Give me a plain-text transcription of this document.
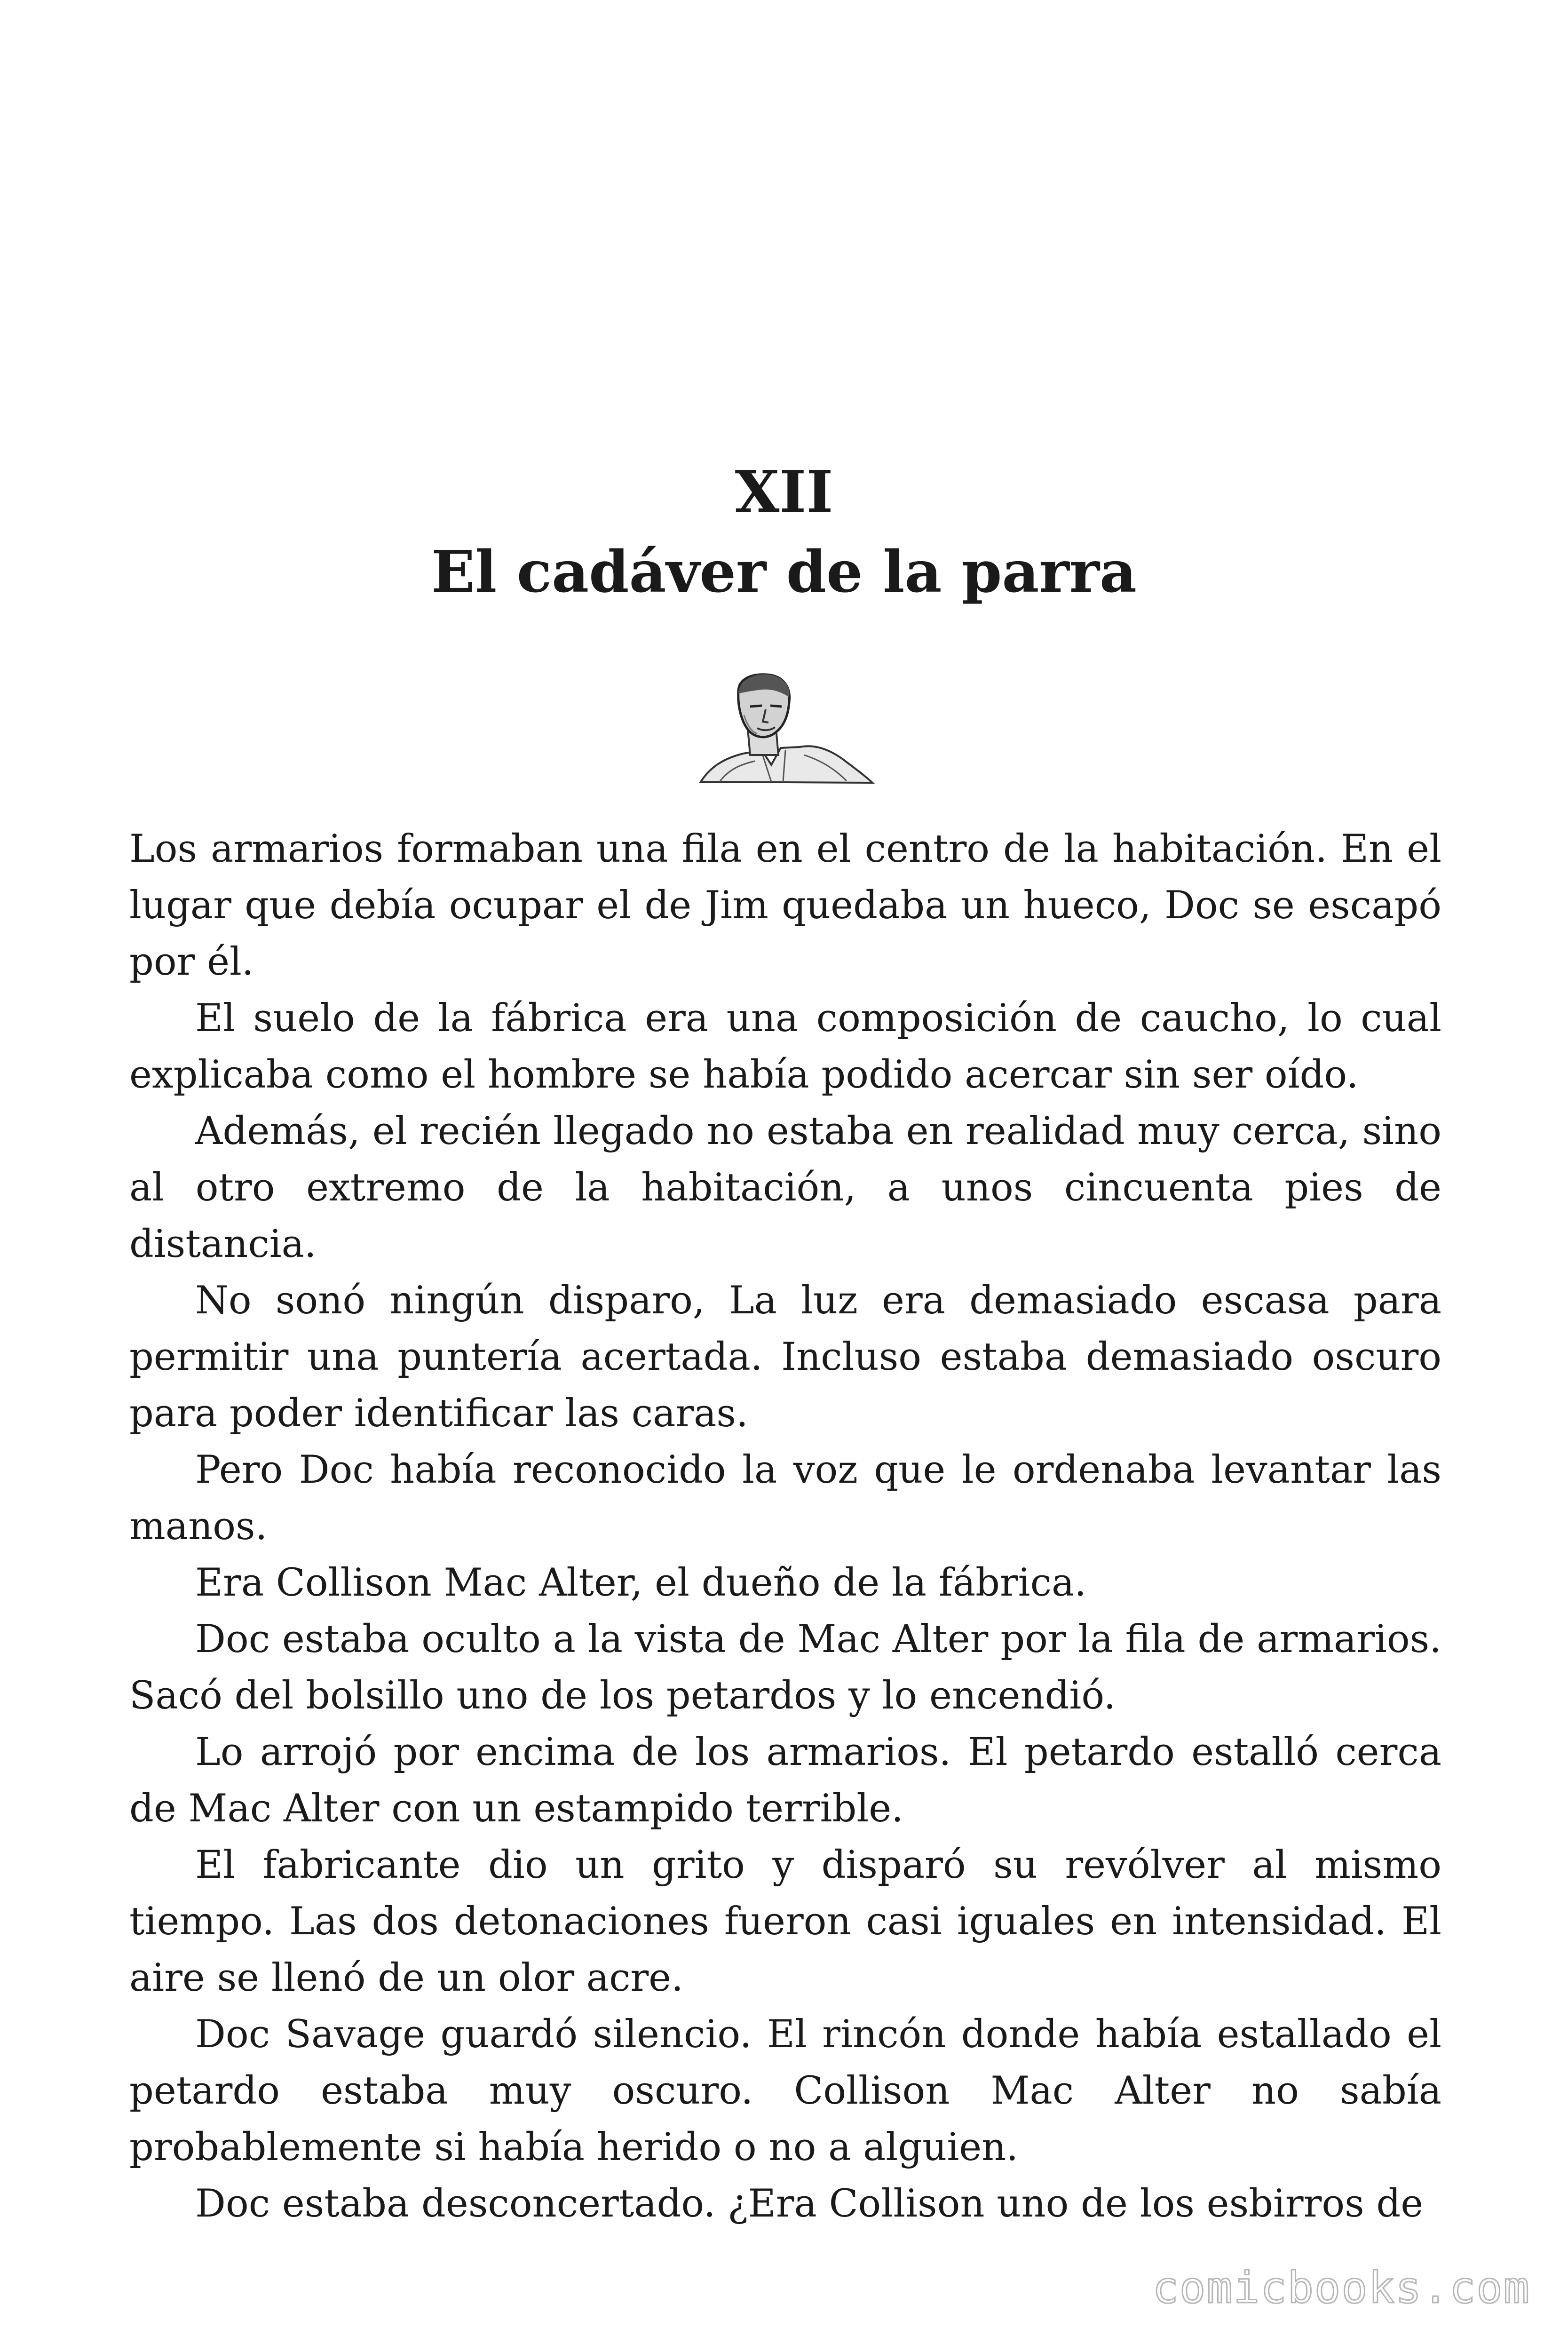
XII
El cadáver de la parra

Los armarios formaban una fila en el centro de la habitación. En el lugar que debía ocupar el de Jim quedaba un hueco, Doc se escapó por él.

El suelo de la fábrica era una composición de caucho, lo cual explicaba como el hombre se había podido acercar sin ser oído.

Además, el recién llegado no estaba en realidad muy cerca, sino al otro extremo de la habitación, a unos cincuenta pies de distancia.

No sonó ningún disparo, La luz era demasiado escasa para permitir una puntería acertada. Incluso estaba demasiado oscuro para poder identificar las caras.

Pero Doc había reconocido la voz que le ordenaba levantar las manos.

Era Collison Mac Alter, el dueño de la fábrica.

Doc estaba oculto a la vista de Mac Alter por la fila de armarios. Sacó del bolsillo uno de los petardos y lo encendió.

Lo arrojó por encima de los armarios. El petardo estalló cerca de Mac Alter con un estampido terrible.

El fabricante dio un grito y disparó su revólver al mismo tiempo. Las dos detonaciones fueron casi iguales en intensidad. El aire se llenó de un olor acre.

Doc Savage guardó silencio. El rincón donde había estallado el petardo estaba muy oscuro. Collison Mac Alter no sabía probablemente si había herido o no a alguien.

Doc estaba desconcertado. ¿Era Collison uno de los esbirros de

comicbooks.com
